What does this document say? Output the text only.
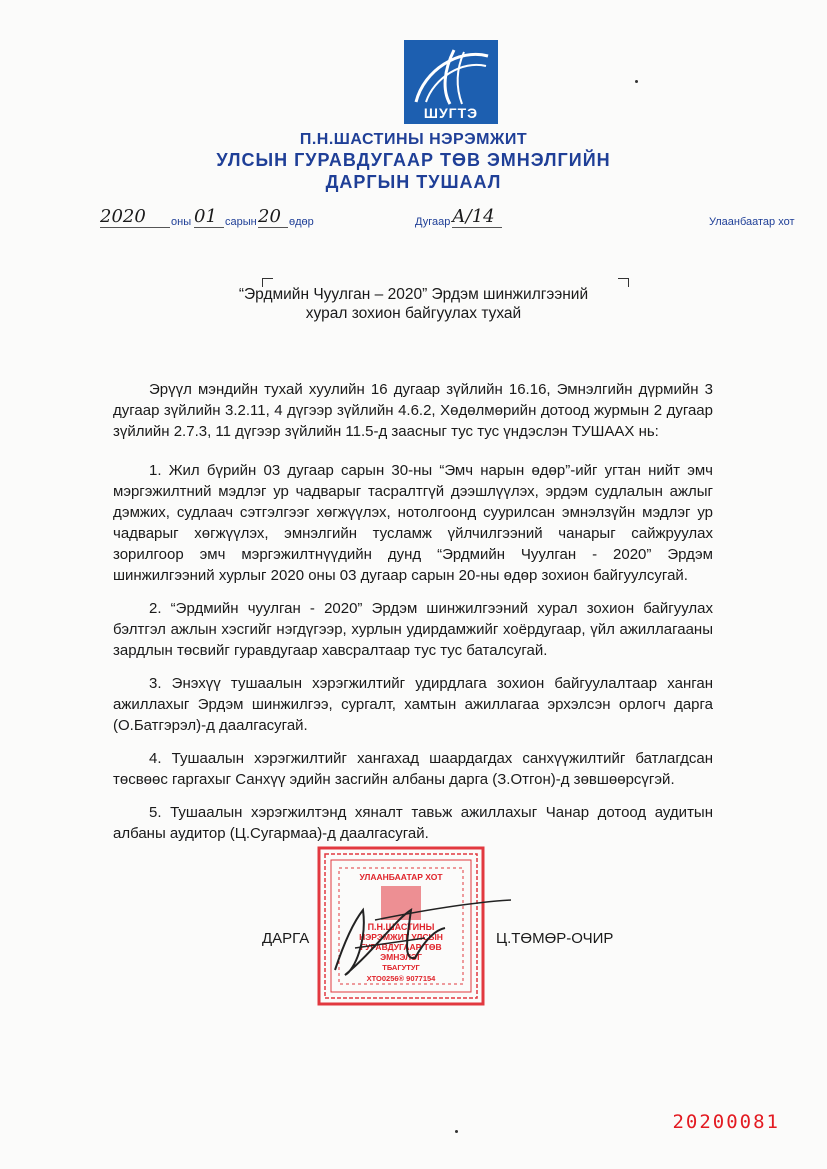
ШУГТЭ
П.Н.ШАСТИНЫ НЭРЭМЖИТ
УЛСЫН ГУРАВДУГААР ТӨВ ЭМНЭЛГИЙН
ДАРГЫН ТУШААЛ
2020	оны 01 сарын 20 өдөр	Дугаар А/14	Улаанбаатар хот
“Эрдмийн Чуулган – 2020” Эрдэм шинжилгээний
хурал зохион байгуулах тухай

Эрүүл мэндийн тухай хуулийн 16 дугаар зүйлийн 16.16, Эмнэлгийн дүрмийн 3 дугаар зүйлийн 3.2.11, 4 дүгээр зүйлийн 4.6.2, Хөдөлмөрийн дотоод журмын 2 дугаар зүйлийн 2.7.3, 11 дүгээр зүйлийн 11.5-д заасныг тус тус үндэслэн ТУШААХ нь:

1. Жил бүрийн 03 дугаар сарын 30-ны “Эмч нарын өдөр”-ийг угтан нийт эмч мэргэжилтний мэдлэг ур чадварыг тасралтгүй дээшлүүлэх, эрдэм судлалын ажлыг дэмжих, судлаач сэтгэлгээг хөгжүүлэх, нотолгоонд суурилсан эмнэлзүйн мэдлэг ур чадварыг хөгжүүлэх, эмнэлгийн тусламж үйлчилгээний чанарыг сайжруулах зорилгоор эмч мэргэжилтнүүдийн дунд “Эрдмийн Чуулган - 2020” Эрдэм шинжилгээний хурлыг 2020 оны 03 дугаар сарын 20-ны өдөр зохион байгуулсугай.

2. “Эрдмийн чуулган - 2020” Эрдэм шинжилгээний хурал зохион байгуулах бэлтгэл ажлын хэсгийг нэгдүгээр, хурлын удирдамжийг хоёрдугаар, үйл ажиллагааны зардлын төсвийг гуравдугаар хавсралтаар тус тус баталсугай.

3. Энэхүү тушаалын хэрэгжилтийг удирдлага зохион байгуулалтаар ханган ажиллахыг Эрдэм шинжилгээ, сургалт, хамтын ажиллагаа эрхэлсэн орлогч дарга (О.Батгэрэл)-д даалгасугай.

4. Тушаалын хэрэгжилтийг хангахад шаардагдах санхүүжилтийг батлагдсан төсвөөс гаргахыг Санхүү эдийн засгийн албаны дарга (З.Отгон)-д зөвшөөрсүгэй.

5. Тушаалын хэрэгжилтэнд хяналт тавьж ажиллахыг Чанар дотоод аудитын албаны аудитор (Ц.Сугармаа)-д даалгасугай.

УЛААНБААТАР ХОТ
П.Н.ШАСТИНЫ
НЭРЭМЖИТ УЛСЫН
ГУРАВДУГААР ТӨВ
ЭМНЭЛЭГ
ТБАГУТУГ
ХТО0256® 9077154
ДАРГА	Ц.ТӨМӨР-ОЧИР
20200081
